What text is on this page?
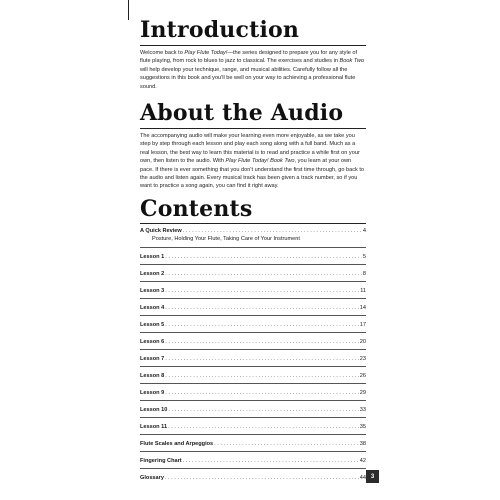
Introduction

Welcome back to Play Flute Today!—the series designed to prepare you for any style of flute playing, from rock to blues to jazz to classical. The exercises and studies in Book Two will help develop your technique, range, and musical abilities. Carefully follow all the suggestions in this book and you'll be well on your way to achieving a professional flute sound.

About the Audio

The accompanying audio will make your learning even more enjoyable, as we take you step by step through each lesson and play each song along with a full band. Much as a real lesson, the best way to learn this material is to read and practice a while first on your own, then listen to the audio. With Play Flute Today! Book Two, you learn at your own pace. If there is ever something that you don't understand the first time through, go back to the audio and listen again. Every musical track has been given a track number, so if you want to practice a song again, you can find it right away.

Contents
A Quick Review . . .	4
Posture, Holding Your Flute, Taking Care of Your Instrument
Lesson 1 . . .	5
Lesson 2 . . .	8
Lesson 3 . . .	11
Lesson 4 . . .	14
Lesson 5 . . .	17
Lesson 6 . . .	20
Lesson 7 . . .	23
Lesson 8 . . .	26
Lesson 9 . . .	29
Lesson 10 . . .	33
Lesson 11 . . .	35
Flute Scales and Arpeggios . . .	38
Fingering Chart . . .	42
Glossary . . .	44 3
